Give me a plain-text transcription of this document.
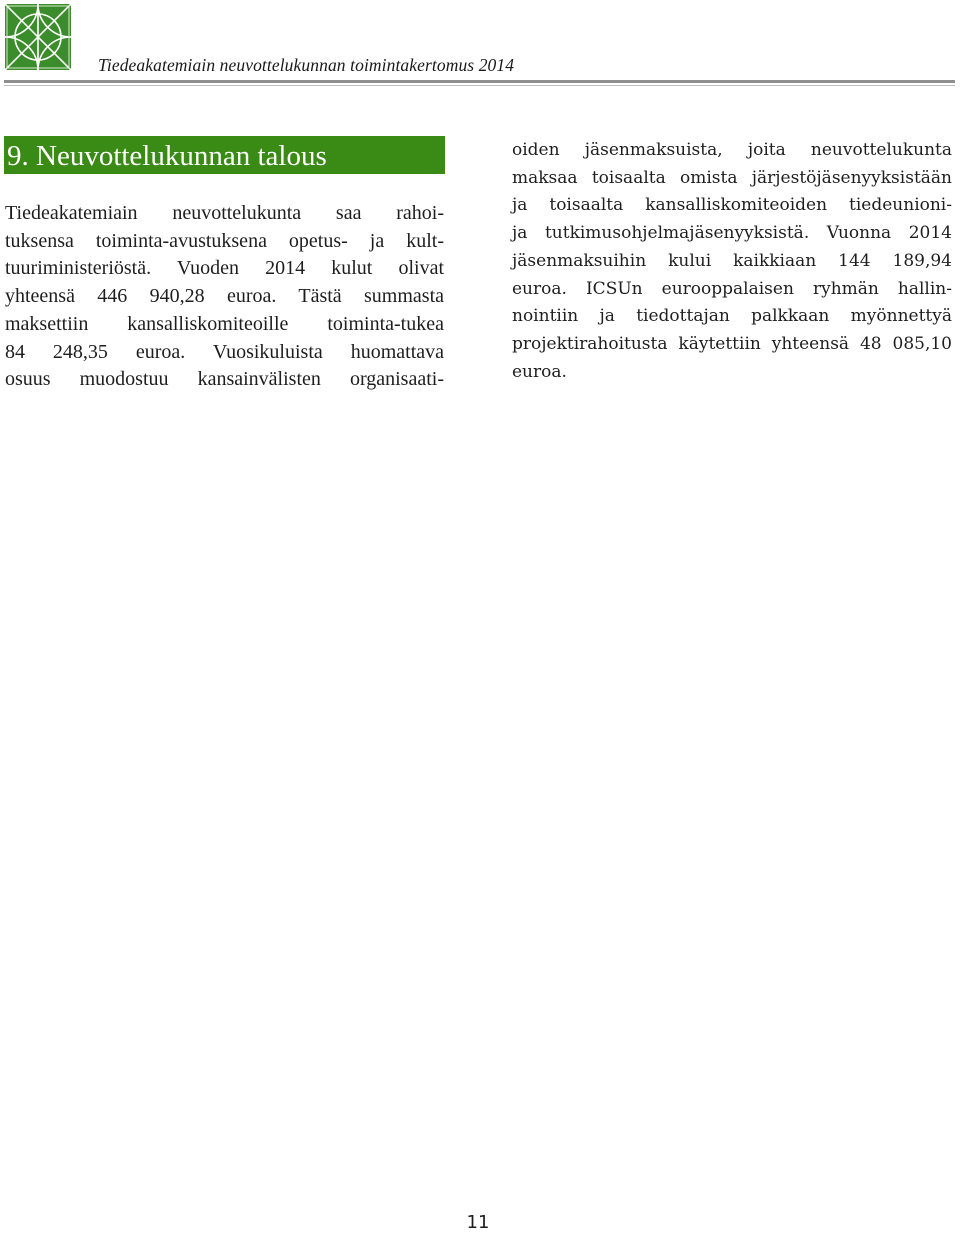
Tiedeakatemiain neuvottelukunnan toimintakertomus 2014
9. Neuvottelukunnan talous
Tiedeakatemiain neuvottelukunta saa rahoi-
tuksensa toiminta-avustuksena opetus- ja kult-
tuuriministeriöstä. Vuoden 2014 kulut olivat
yhteensä 446 940,28 euroa. Tästä summasta
maksettiin kansalliskomiteoille toiminta-tukea
84 248,35 euroa. Vuosikuluista huomattava
osuus muodostuu kansainvälisten organisaati-
oiden jäsenmaksuista, joita neuvottelukunta
maksaa toisaalta omista järjestöjäsenyyksistään
ja toisaalta kansalliskomiteoiden tiedeunioni-
ja tutkimusohjelmajäsenyyksistä. Vuonna 2014
jäsenmaksuihin kului kaikkiaan 144 189,94
euroa. ICSUn eurooppalaisen ryhmän hallin-
nointiin ja tiedottajan palkkaan myönnettyä
projektirahoitusta käytettiin yhteensä 48 085,10
euroa.
11
